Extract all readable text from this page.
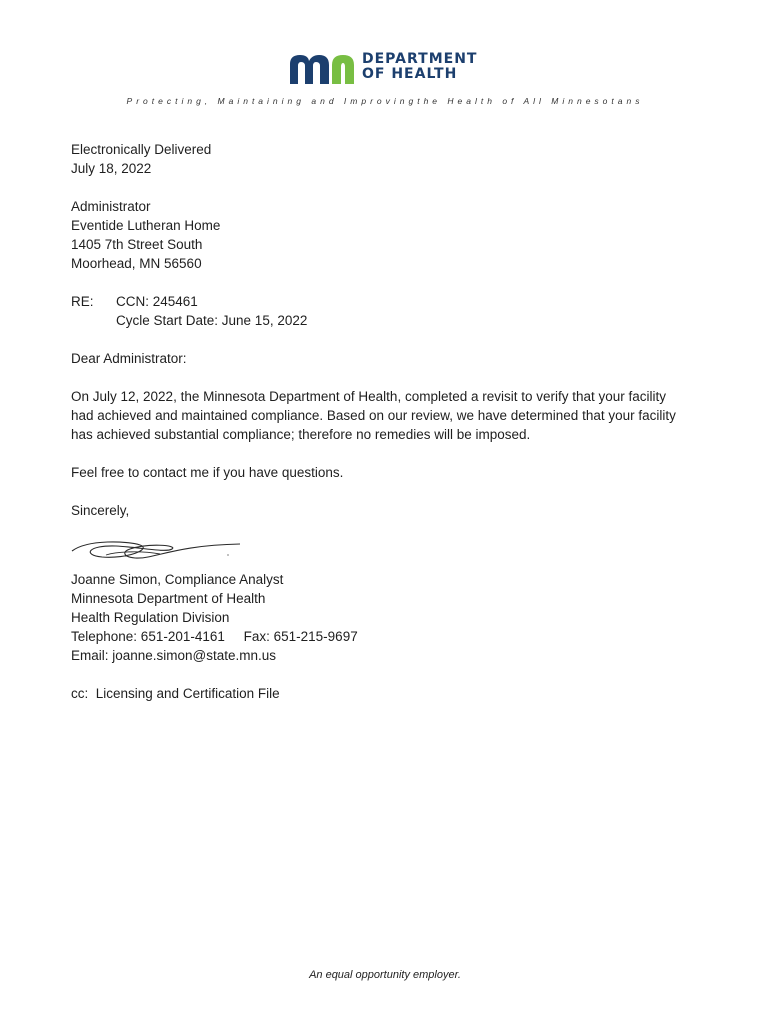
DEPARTMENT
OF HEALTH
Protecting, Maintaining and Improvingthe Health of All Minnesotans
Electronically Delivered
July 18, 2022
Administrator
Eventide Lutheran Home
1405 7th Street South
Moorhead, MN 56560
RE: CCN: 245461
Cycle Start Date: June 15, 2022
Dear Administrator:
On July 12, 2022, the Minnesota Department of Health, completed a revisit to verify that your facility
had achieved and maintained compliance. Based on our review, we have determined that your facility
has achieved substantial compliance; therefore no remedies will be imposed.
Feel free to contact me if you have questions.
Sincerely,
Joanne Simon, Compliance Analyst
Minnesota Department of Health
Health Regulation Division
Telephone: 651-201-4161     Fax: 651-215-9697
Email: joanne.simon@state.mn.us
cc:  Licensing and Certification File
An equal opportunity employer.
